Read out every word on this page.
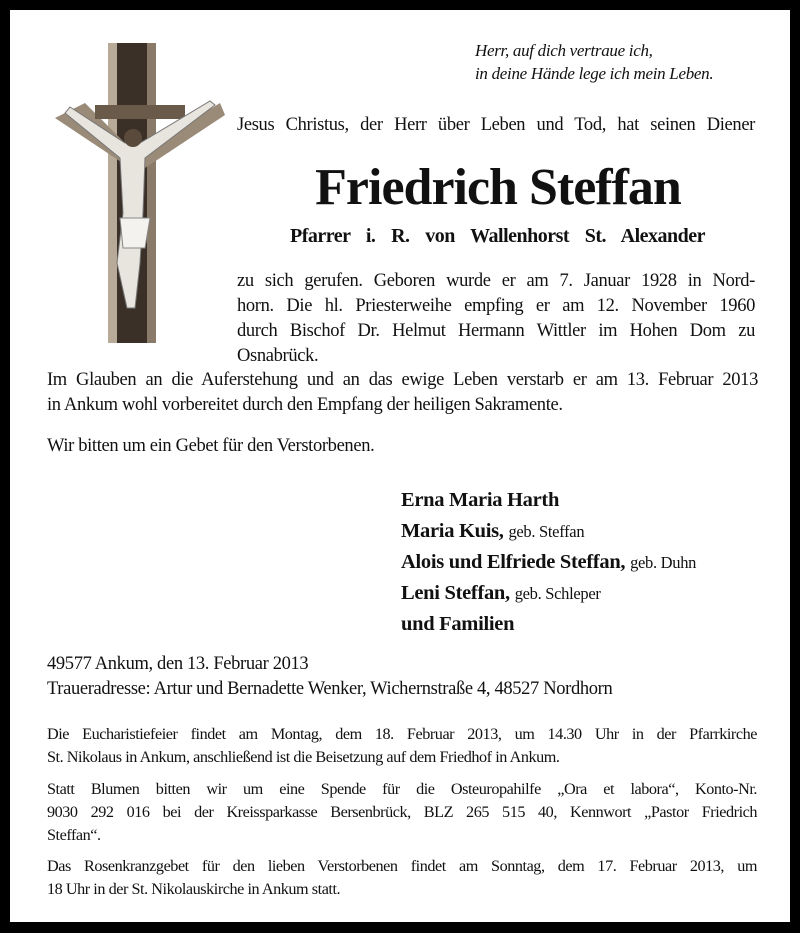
Herr, auf dich vertraue ich,
in deine Hände lege ich mein Leben.
Jesus Christus, der Herr über Leben und Tod, hat seinen Diener
Friedrich Steffan
Pfarrer i. R. von Wallenhorst St. Alexander
zu sich gerufen. Geboren wurde er am 7. Januar 1928 in Nord-
horn. Die hl. Priesterweihe empfing er am 12. November 1960
durch Bischof Dr. Helmut Hermann Wittler im Hohen Dom zu
Osnabrück.
Im Glauben an die Auferstehung und an das ewige Leben verstarb er am 13. Februar 2013
in Ankum wohl vorbereitet durch den Empfang der heiligen Sakramente.
Wir bitten um ein Gebet für den Verstorbenen.
Erna Maria Harth
Maria Kuis, geb. Steffan
Alois und Elfriede Steffan, geb. Duhn
Leni Steffan, geb. Schleper
und Familien
49577 Ankum, den 13. Februar 2013
Traueradresse: Artur und Bernadette Wenker, Wichernstraße 4, 48527 Nordhorn
Die Eucharistiefeier findet am Montag, dem 18. Februar 2013, um 14.30 Uhr in der Pfarrkirche
St. Nikolaus in Ankum, anschließend ist die Beisetzung auf dem Friedhof in Ankum.
Statt Blumen bitten wir um eine Spende für die Osteuropahilfe „Ora et labora“, Konto-Nr.
9030 292 016 bei der Kreissparkasse Bersenbrück, BLZ 265 515 40, Kennwort „Pastor Friedrich
Steffan“.
Das Rosenkranzgebet für den lieben Verstorbenen findet am Sonntag, dem 17. Februar 2013, um
18 Uhr in der St. Nikolauskirche in Ankum statt.
